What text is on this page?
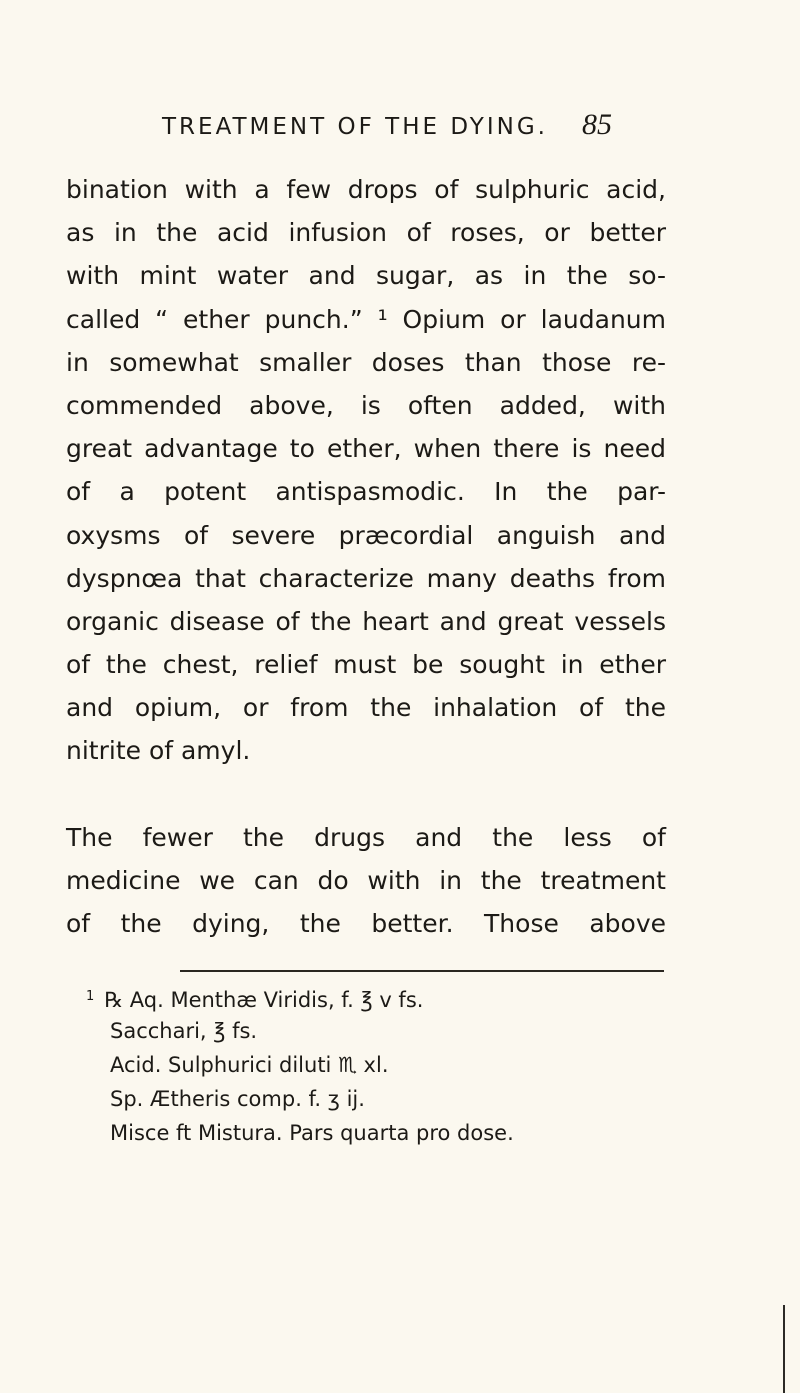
TREATMENT OF THE DYING. 85
bination with a few drops of sulphuric acid,
as in the acid infusion of roses, or better
with mint water and sugar, as in the so-
called “ ether punch.” ¹ Opium or laudanum
in somewhat smaller doses than those re-
commended above, is often added, with
great advantage to ether, when there is need
of a potent antispasmodic. In the par-
oxysms of severe præcordial anguish and
dyspnœa that characterize many deaths from
organic disease of the heart and great vessels
of the chest, relief must be sought in ether
and opium, or from the inhalation of the
nitrite of amyl.
The fewer the drugs and the less of
medicine we can do with in the treatment
of the dying, the better. Those above
$^1$ ℞ Aq. Menthæ Viridis, f. ℥ v fs.
Sacchari, ℥ fs.
Acid. Sulphurici diluti ♏ xl.
Sp. Ætheris comp. f. ʒ ij.
Misce ft Mistura. Pars quarta pro dose.
